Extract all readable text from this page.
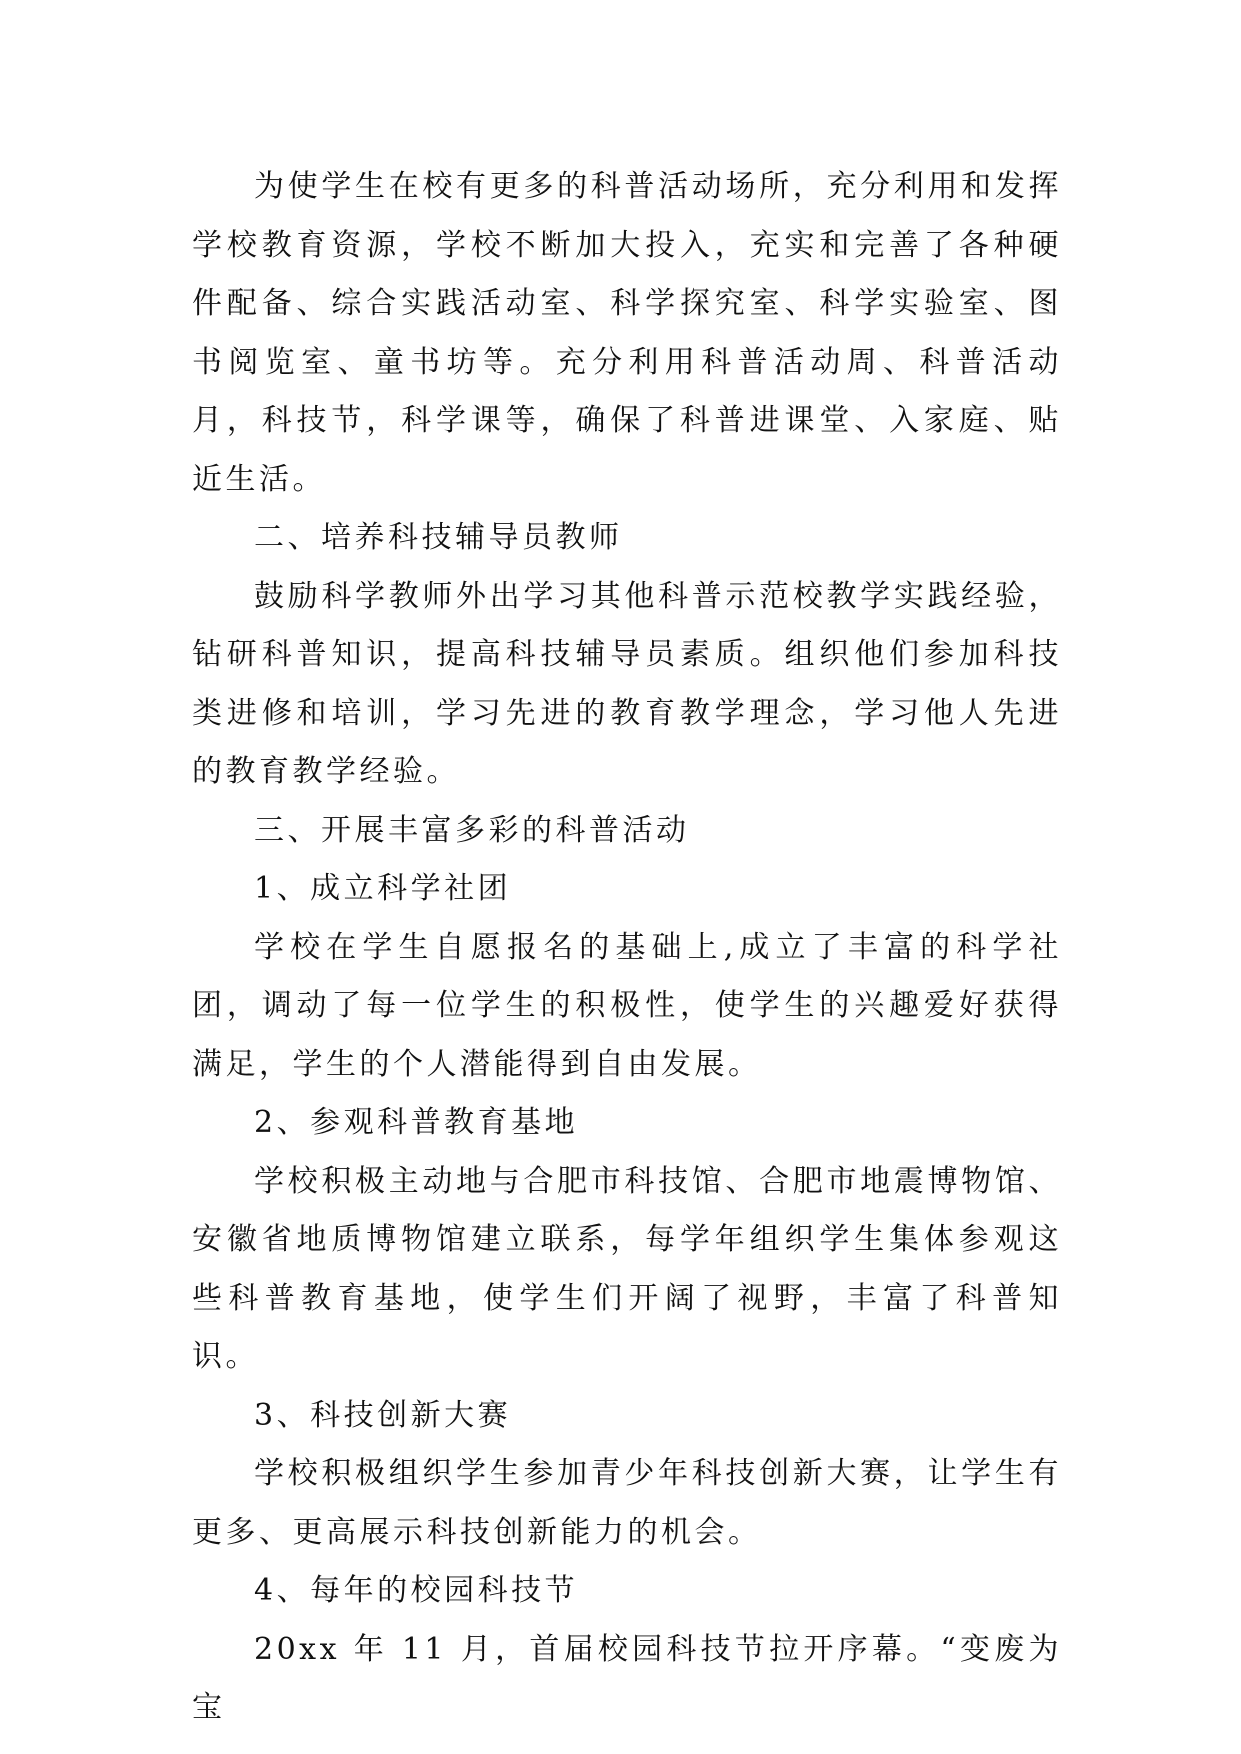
为使学生在校有更多的科普活动场所，充分利用和发挥学校教育资源，学校不断加大投入，充实和完善了各种硬件配备、综合实践活动室、科学探究室、科学实验室、图书阅览室、童书坊等。充分利用科普活动周、科普活动月，科技节，科学课等，确保了科普进课堂、入家庭、贴近生活。

二、培养科技辅导员教师

鼓励科学教师外出学习其他科普示范校教学实践经验，钻研科普知识，提高科技辅导员素质。组织他们参加科技类进修和培训，学习先进的教育教学理念，学习他人先进的教育教学经验。

三、开展丰富多彩的科普活动

1、成立科学社团

学校在学生自愿报名的基础上,成立了丰富的科学社团，调动了每一位学生的积极性，使学生的兴趣爱好获得满足，学生的个人潜能得到自由发展。

2、参观科普教育基地

学校积极主动地与合肥市科技馆、合肥市地震博物馆、安徽省地质博物馆建立联系，每学年组织学生集体参观这些科普教育基地，使学生们开阔了视野，丰富了科普知识。

3、科技创新大赛

学校积极组织学生参加青少年科技创新大赛，让学生有更多、更高展示科技创新能力的机会。

4、每年的校园科技节

20xx 年 11 月，首届校园科技节拉开序幕。“变废为宝
